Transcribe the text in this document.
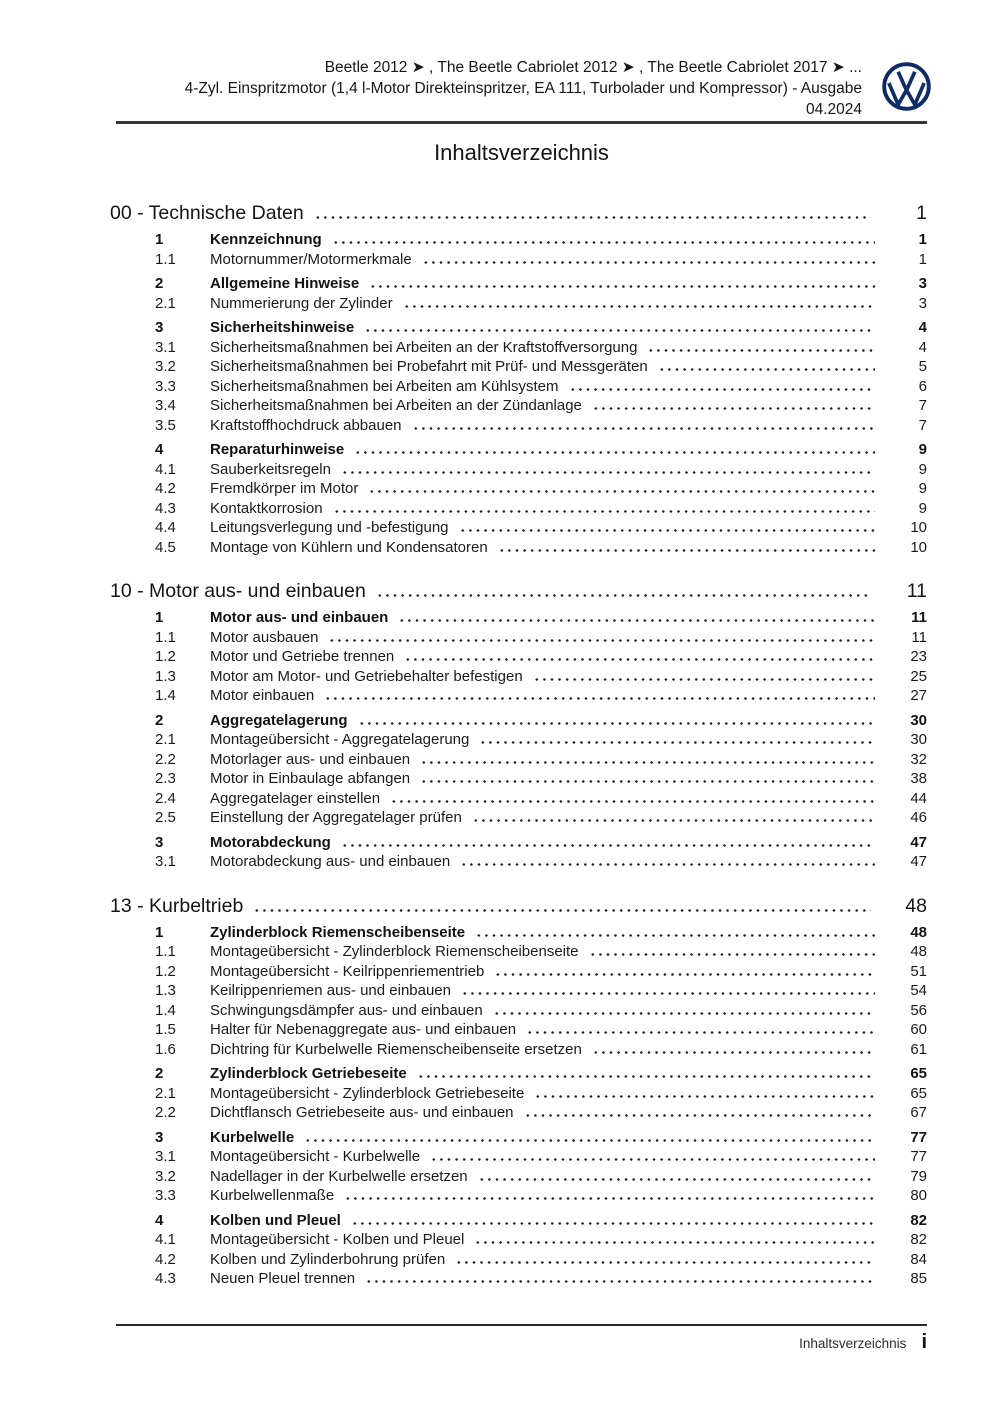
Beetle 2012 ➤ , The Beetle Cabriolet 2012 ➤ , The Beetle Cabriolet 2017 ➤ ...
4-Zyl. Einspritzmotor (1,4 l-Motor Direkteinspritzer, EA 111, Turbolader und Kompressor) - Ausgabe
04.2024
Inhaltsverzeichnis
00 - Technische Daten	1
1	Kennzeichnung	1
1.1	Motornummer/Motormerkmale	1
2	Allgemeine Hinweise	3
2.1	Nummerierung der Zylinder	3
3	Sicherheitshinweise	4
3.1	Sicherheitsmaßnahmen bei Arbeiten an der Kraftstoffversorgung	4
3.2	Sicherheitsmaßnahmen bei Probefahrt mit Prüf- und Messgeräten	5
3.3	Sicherheitsmaßnahmen bei Arbeiten am Kühlsystem	6
3.4	Sicherheitsmaßnahmen bei Arbeiten an der Zündanlage	7
3.5	Kraftstoffhochdruck abbauen	7
4	Reparaturhinweise	9
4.1	Sauberkeitsregeln	9
4.2	Fremdkörper im Motor	9
4.3	Kontaktkorrosion	9
4.4	Leitungsverlegung und -befestigung	10
4.5	Montage von Kühlern und Kondensatoren	10
10 - Motor aus- und einbauen	11
1	Motor aus- und einbauen	11
1.1	Motor ausbauen	11
1.2	Motor und Getriebe trennen	23
1.3	Motor am Motor- und Getriebehalter befestigen	25
1.4	Motor einbauen	27
2	Aggregatelagerung	30
2.1	Montageübersicht - Aggregatelagerung	30
2.2	Motorlager aus- und einbauen	32
2.3	Motor in Einbaulage abfangen	38
2.4	Aggregatelager einstellen	44
2.5	Einstellung der Aggregatelager prüfen	46
3	Motorabdeckung	47
3.1	Motorabdeckung aus- und einbauen	47
13 - Kurbeltrieb	48
1	Zylinderblock Riemenscheibenseite	48
1.1	Montageübersicht - Zylinderblock Riemenscheibenseite	48
1.2	Montageübersicht - Keilrippenriementrieb	51
1.3	Keilrippenriemen aus- und einbauen	54
1.4	Schwingungsdämpfer aus- und einbauen	56
1.5	Halter für Nebenaggregate aus- und einbauen	60
1.6	Dichtring für Kurbelwelle Riemenscheibenseite ersetzen	61
2	Zylinderblock Getriebeseite	65
2.1	Montageübersicht - Zylinderblock Getriebeseite	65
2.2	Dichtflansch Getriebeseite aus- und einbauen	67
3	Kurbelwelle	77
3.1	Montageübersicht - Kurbelwelle	77
3.2	Nadellager in der Kurbelwelle ersetzen	79
3.3	Kurbelwellenmaße	80
4	Kolben und Pleuel	82
4.1	Montageübersicht - Kolben und Pleuel	82
4.2	Kolben und Zylinderbohrung prüfen	84
4.3	Neuen Pleuel trennen	85
Inhaltsverzeichnis i
